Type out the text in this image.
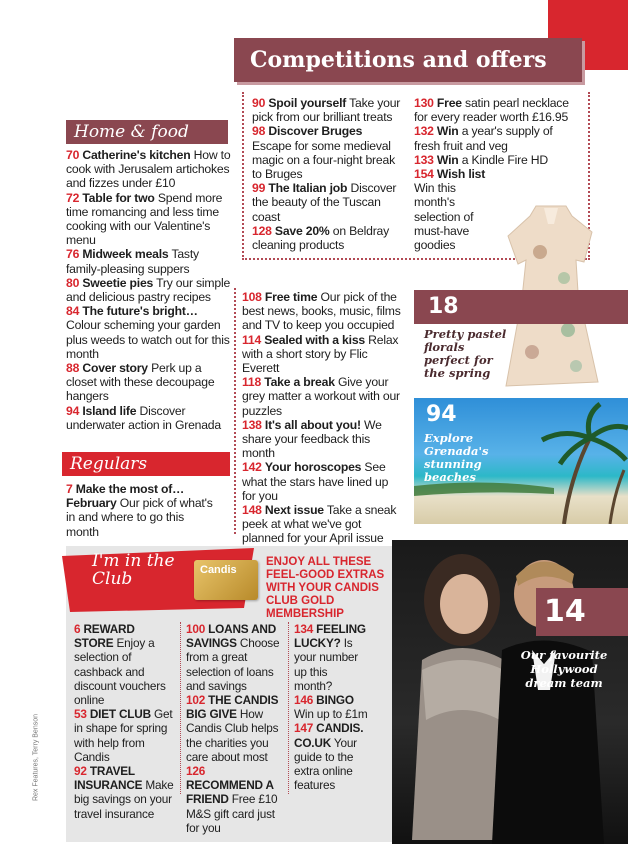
Competitions and offers
90 Spoil yourself Take your pick from our brilliant treats
98 Discover Bruges Escape for some medieval magic on a four-night break to Bruges
99 The Italian job Discover the beauty of the Tuscan coast
128 Save 20% on Beldray cleaning products
130 Free satin pearl necklace for every reader worth £16.95
132 Win a year's supply of fresh fruit and veg
133 Win a Kindle Fire HD
154 Wish list Win this month's selection of must-have goodies
Home & food
70 Catherine's kitchen How to cook with Jerusalem artichokes and fizzes under £10
72 Table for two Spend more time romancing and less time cooking with our Valentine's menu
76 Midweek meals Tasty family-pleasing suppers
80 Sweetie pies Try our simple and delicious pastry recipes
84 The future's bright… Colour scheming your garden plus weeds to watch out for this month
88 Cover story Perk up a closet with these decoupage hangers
94 Island life Discover underwater action in Grenada
Regulars
7 Make the most of… February Our pick of what's in and where to go this month
108 Free time Our pick of the best news, books, music, films and TV to keep you occupied
114 Sealed with a kiss Relax with a short story by Flic Everett
118 Take a break Give your grey matter a workout with our puzzles
138 It's all about you! We share your feedback this month
142 Your horoscopes See what the stars have lined up for you
148 Next issue Take a sneak peek at what we've got planned for your April issue
18
Pretty pastel florals perfect for the spring
94
Explore Grenada's stunning beaches
14
Our favourite Hollywood dream team
I'm in the Club	Candis
ENJOY ALL THESE FEEL-GOOD EXTRAS WITH YOUR CANDIS CLUB GOLD MEMBERSHIP
6 REWARD STORE Enjoy a selection of cashback and discount vouchers online
53 DIET CLUB Get in shape for spring with help from Candis
92 TRAVEL INSURANCE Make big savings on your travel insurance
100 LOANS AND SAVINGS Choose from a great selection of loans and savings
102 THE CANDIS BIG GIVE How Candis Club helps the charities you care about most
126 RECOMMEND A FRIEND Free £10 M&S gift card just for you
134 FEELING LUCKY? Is your number up this month?
146 BINGO Win up to £1m
147 CANDIS. CO.UK Your guide to the extra online features
Rex Features, Terry Benson
